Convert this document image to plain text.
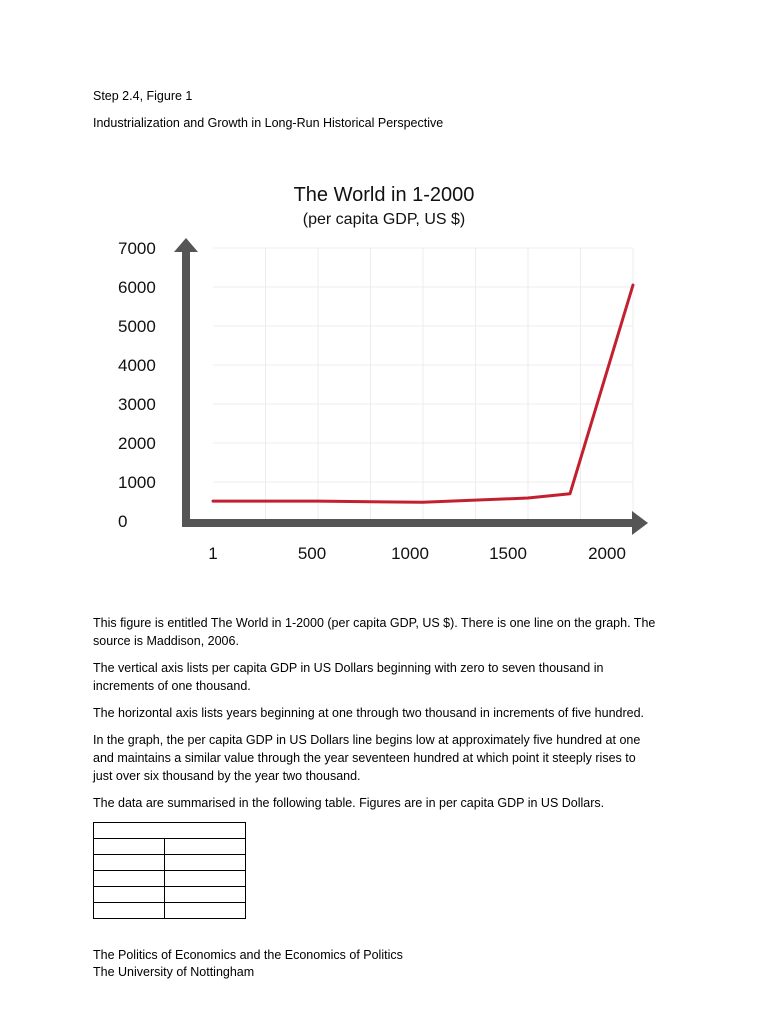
Step 2.4, Figure 1
Industrialization and Growth in Long-Run Historical Perspective
7000
6000
5000
4000
3000
2000
1000
0
1	500	1000	1500	2000
The World in 1-2000
(per capita GDP, US $)
This figure is entitled The World in 1-2000 (per capita GDP, US $). There is one line on the graph. The
source is Maddison, 2006.
The vertical axis lists per capita GDP in US Dollars beginning with zero to seven thousand in
increments of one thousand.
The horizontal axis lists years beginning at one through two thousand in increments of five hundred.
In the graph, the per capita GDP in US Dollars line begins low at approximately five hundred at one
and maintains a similar value through the year seventeen hundred at which point it steeply rises to
just over six thousand by the year two thousand.
The data are summarised in the following table. Figures are in per capita GDP in US Dollars.

The Politics of Economics and the Economics of Politics
The University of Nottingham
